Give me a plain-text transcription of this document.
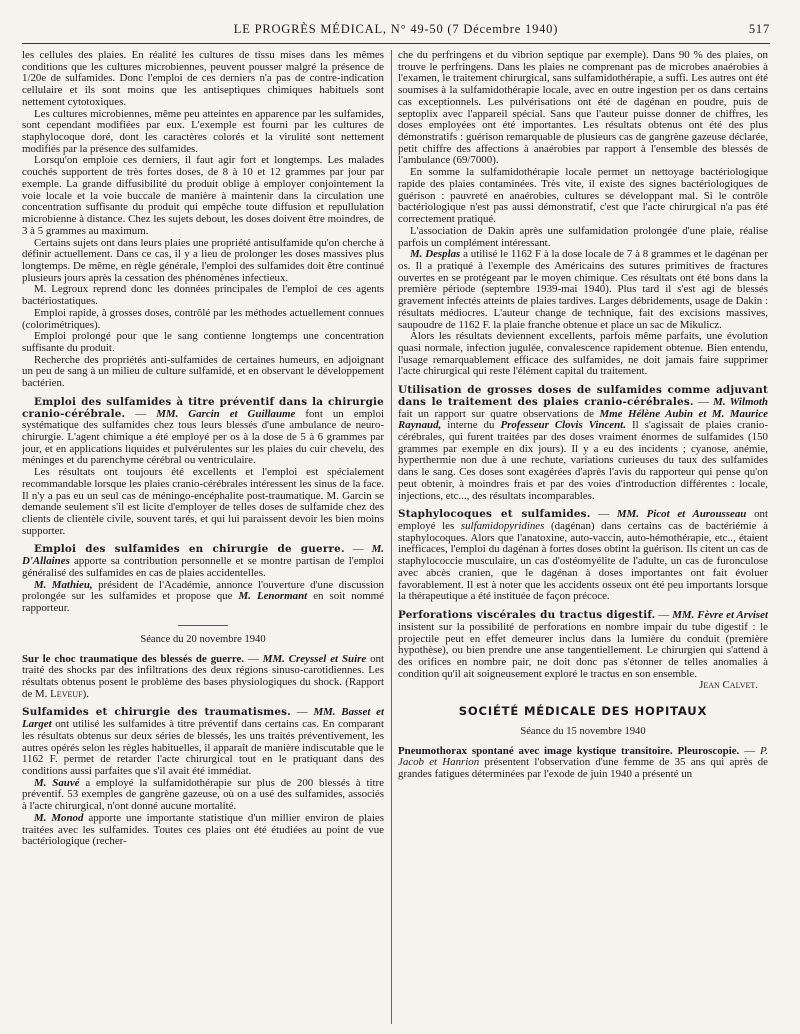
LE PROGRÈS MÉDICAL, N° 49-50 (7 Décembre 1940)	517

les cellules des plaies. En réalité les cultures de tissu mises dans les mêmes conditions que les cultures microbiennes, peuvent pousser malgré la présence de 1/20e de sulfamides. Donc l'emploi de ces derniers n'a pas de contre-indication cellulaire et ils sont moins que les antiseptiques chimiques habituels sont nettement cytotoxiques.

Les cultures microbiennes, même peu atteintes en apparence par les sulfamides, sont cependant modifiées par eux. L'exemple est fourni par les cultures de staphylocoque doré, dont les caractères colorés et la virulité sont nettement modifiés par la présence des sulfamides.

Lorsqu'on emploie ces derniers, il faut agir fort et longtemps. Les malades couchés supportent de très fortes doses, de 8 à 10 et 12 grammes par jour par exemple. La grande diffusibilité du produit oblige à employer conjointement la voie locale et la voie buccale de manière à maintenir dans la circulation une concentration suffisante du produit qui empêche toute diffusion et repullulation microbienne à distance. Chez les sujets debout, les doses doivent être moindres, de 3 à 5 grammes au maximum.

Certains sujets ont dans leurs plaies une propriété antisulfamide qu'on cherche à définir actuellement. Dans ce cas, il y a lieu de prolonger les doses massives plus longtemps. De même, en règle générale, l'emploi des sulfamides doit être continué plusieurs jours après la cessation des phénomènes infectieux.

M. Legroux reprend donc les données principales de l'emploi de ces agents bactériostatiques.

Emploi rapide, à grosses doses, contrôlé par les méthodes actuellement connues (colorimétriques).

Emploi prolongé pour que le sang contienne longtemps une concentration suffisante du produit.

Recherche des propriétés anti-sulfamides de certaines humeurs, en adjoignant un peu de sang à un milieu de culture sulfamidé, et en observant le développement bactérien.

Emploi des sulfamides à titre préventif dans la chirurgie cranio-cérébrale. — MM. Garcin et Guillaume font un emploi systématique des sulfamides chez tous leurs blessés d'une ambulance de neuro-chirurgie. L'agent chimique a été employé per os à la dose de 5 à 6 grammes par jour, et en applications liquides et pulvérulentes sur les plaies du cuir chevelu, des méninges et du parenchyme cérébral ou ventriculaire.

Les résultats ont toujours été excellents et l'emploi est spécialement recommandable lorsque les plaies cranio-cérébrales intéressent les sinus de la face. Il n'y a pas eu un seul cas de méningo-encéphalite post-traumatique. M. Garcin se demande seulement s'il est licite d'employer de telles doses de sulfamide chez des clients de clientèle civile, souvent tarés, et qui lui paraissent devoir les bien moins supporter.

Emploi des sulfamides en chirurgie de guerre. — M. D'Allaines apporte sa contribution personnelle et se montre partisan de l'emploi généralisé des sulfamides en cas de plaies accidentelles.

M. Mathieu, président de l'Académie, annonce l'ouverture d'une discussion prolongée sur les sulfamides et propose que M. Lenormant en soit nommé rapporteur.

Séance du 20 novembre 1940

Sur le choc traumatique des blessés de guerre. — MM. Creyssel et Suire ont traité des shocks par des infiltrations des deux régions sinuso-carotidiennes. Les résultats obtenus posent le problème des bases physiologiques du shock. (Rapport de M. Leveuf).

Sulfamides et chirurgie des traumatismes. — MM. Basset et Larget ont utilisé les sulfamides à titre préventif dans certains cas. En comparant les résultats obtenus sur deux séries de blessés, les uns traités préventivement, les autres opérés selon les règles habituelles, il apparaît de manière indiscutable que le 1162 F. permet de retarder l'acte chirurgical tout en le pratiquant dans des conditions aussi parfaites que s'il avait été immédiat.

M. Sauvé a employé la sulfamidothérapie sur plus de 200 blessés à titre préventif. 53 exemples de gangrène gazeuse, où on a usé des sulfamides, associés à l'acte chirurgical, n'ont donné aucune mortalité.

M. Monod apporte une importante statistique d'un millier environ de plaies traitées avec les sulfamides. Toutes ces plaies ont été étudiées au point de vue bactériologique (recher-

che du perfringens et du vibrion septique par exemple). Dans 90 % des plaies, on trouve le perfringens. Dans les plaies ne comprenant pas de microbes anaérobies à l'examen, le traitement chirurgical, sans sulfamidothérapie, a suffi. Les autres ont été soumises à la sulfamidothérapie locale, avec en outre ingestion per os dans certains cas exceptionnels. Les pulvérisations ont été de dagénan en poudre, puis de septoplix avec l'appareil spécial. Sans que l'auteur puisse donner de chiffres, les doses employées ont été importantes. Les résultats obtenus ont été des plus démonstratifs : guérison remarquable de plusieurs cas de gangrène gazeuse déclarée, petit chiffre des affections à anaérobies par rapport à l'ensemble des blessés de l'ambulance (69/7000).

En somme la sulfamidothérapie locale permet un nettoyage bactériologique rapide des plaies contaminées. Très vite, il existe des signes bactériologiques de guérison : pauvreté en anaérobies, cultures se développant mal. Si le contrôle bactériologique n'est pas aussi démonstratif, c'est que l'acte chirurgical n'a pas été correctement pratiqué.

L'association de Dakin après une sulfamidation prolongée d'une plaie, réalise parfois un complément intéressant.

M. Desplas a utilisé le 1162 F à la dose locale de 7 à 8 grammes et le dagénan per os. Il a pratiqué à l'exemple des Américains des sutures primitives de fractures ouvertes en se protégeant par le moyen chimique. Ces résultats ont été bons dans la première période (septembre 1939-mai 1940). Plus tard il s'est agi de blessés gravement infectés atteints de plaies tardives. Larges débridements, usage de Dakin : résultats médiocres. L'auteur change de technique, fait des excisions massives, saupoudre de 1162 F. la plaie franche obtenue et place un sac de Mikulicz.

Alors les résultats deviennent excellents, parfois même parfaits, une évolution quasi normale, infection jugulée, convalescence rapidement obtenue. Bien entendu, l'usage remarquablement efficace des sulfamides, ne doit jamais faire supprimer l'acte chirurgical qui reste l'élément capital du traitement.

Utilisation de grosses doses de sulfamides comme adjuvant dans le traitement des plaies cranio-cérébrales. — M. Wilmoth fait un rapport sur quatre observations de Mme Hélène Aubin et M. Maurice Raynaud, interne du Professeur Clovis Vincent. Il s'agissait de plaies cranio-cérébrales, qui furent traitées par des doses vraiment énormes de sulfamides (150 grammes par exemple en dix jours). Il y a eu des incidents ; cyanose, anémie, hyperthermie non due à une rechute, variations curieuses du taux des sulfamides dans le sang. Ces doses sont exagérées d'après l'avis du rapporteur qui pense qu'on peut obtenir, à moindres frais et par des voies d'introduction différentes : locale, injections, etc..., des résultats incomparables.

Staphylocoques et sulfamides. — MM. Picot et Aurousseau ont employé les sulfamidopyridines (dagénan) dans certains cas de bactériémie à staphylocoques. Alors que l'anatoxine, auto-vaccin, auto-hémothérapie, etc.., étaient inefficaces, l'emploi du dagénan à fortes doses obtint la guérison. Ils citent un cas de staphylococcie musculaire, un cas d'ostéomyélite de l'adulte, un cas de furonculose avec abcès cranien, que le dagénan à doses importantes ont fait évoluer favorablement. Il est à noter que les accidents osseux ont été peu importants lorsque la thérapeutique a été instituée de façon précoce.

Perforations viscérales du tractus digestif. — MM. Fèvre et Arviset insistent sur la possibilité de perforations en nombre impair du tube digestif : le projectile peut en effet demeurer inclus dans la lumière du conduit (première hypothèse), ou bien prendre une anse tangentiellement. Le chirurgien qui s'attend à des orifices en nombre pair, ne doit donc pas s'étonner de telles anomalies à condition qu'il ait soigneusement exploré le tractus en son ensemble.

Jean Calvet.

SOCIÉTÉ MÉDICALE DES HOPITAUX

Séance du 15 novembre 1940

Pneumothorax spontané avec image kystique transitoire. Pleuroscopie. — P. Jacob et Hanrion présentent l'observation d'une femme de 35 ans qui après de grandes fatigues déterminées par l'exode de juin 1940 a présenté un
